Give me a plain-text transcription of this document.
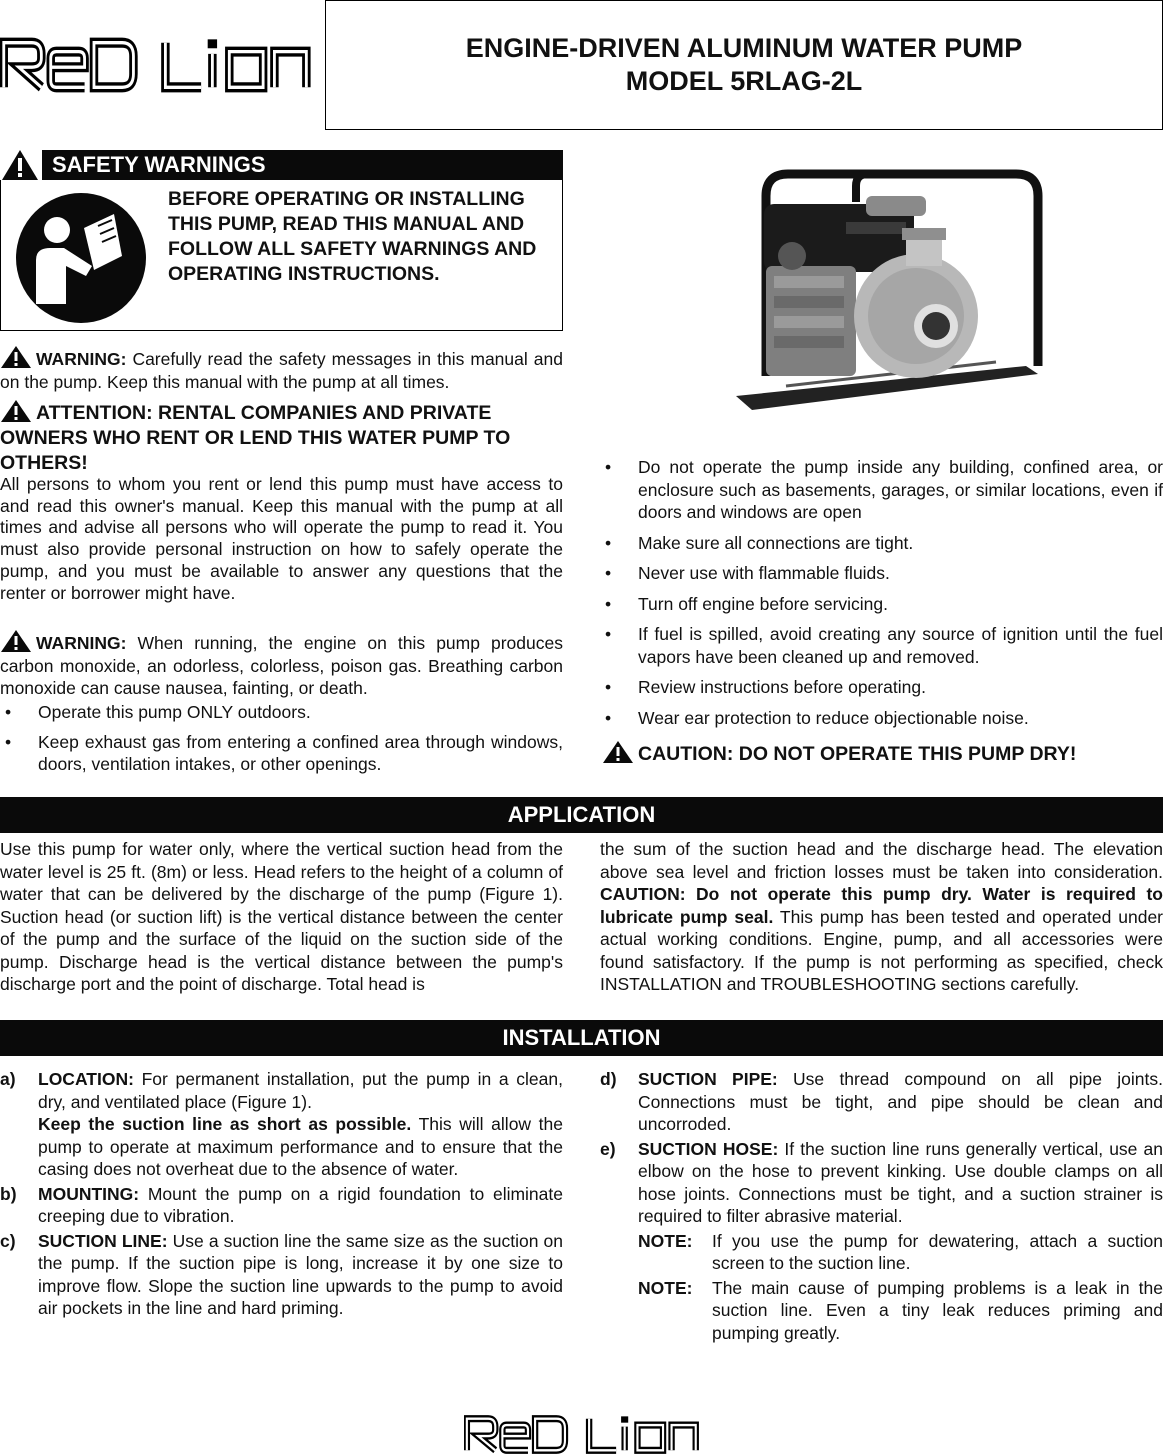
ENGINE-DRIVEN ALUMINUM WATER PUMP
MODEL 5RLAG-2L
SAFETY WARNINGS
BEFORE OPERATING OR INSTALLING THIS PUMP, READ THIS MANUAL AND FOLLOW ALL SAFETY WARNINGS AND OPERATING INSTRUCTIONS.
WARNING: Carefully read the safety messages in this manual and on the pump. Keep this manual with the pump at all times.
ATTENTION: RENTAL COMPANIES AND PRIVATE OWNERS WHO RENT OR LEND THIS WATER PUMP TO OTHERS!
All persons to whom you rent or lend this pump must have access to and read this owner's manual. Keep this manual with the pump at all times and advise all persons who will operate the pump to read it. You must also provide personal instruction on how to safely operate the pump, and you must be available to answer any questions that the renter or borrower might have.
WARNING: When running, the engine on this pump produces carbon monoxide, an odorless, colorless, poison gas. Breathing carbon monoxide can cause nausea, fainting, or death.
• Operate this pump ONLY outdoors.
• Keep exhaust gas from entering a confined area through windows, doors, ventilation intakes, or other openings.
• Do not operate the pump inside any building, confined area, or enclosure such as basements, garages, or similar locations, even if doors and windows are open
• Make sure all connections are tight.
• Never use with flammable fluids.
• Turn off engine before servicing.
• If fuel is spilled, avoid creating any source of ignition until the fuel vapors have been cleaned up and removed.
• Review instructions before operating.
• Wear ear protection to reduce objectionable noise.
CAUTION: DO NOT OPERATE THIS PUMP DRY!
APPLICATION
Use this pump for water only, where the vertical suction head from the water level is 25 ft. (8m) or less. Head refers to the height of a column of water that can be delivered by the discharge of the pump (Figure 1). Suction head (or suction lift) is the vertical distance between the center of the pump and the surface of the liquid on the suction side of the pump. Discharge head is the vertical distance between the pump's discharge port and the point of discharge. Total head is
the sum of the suction head and the discharge head. The elevation above sea level and friction losses must be taken into consideration. CAUTION: Do not operate this pump dry. Water is required to lubricate pump seal. This pump has been tested and operated under actual working conditions. Engine, pump, and all accessories were found satisfactory. If the pump is not performing as specified, check INSTALLATION and TROUBLESHOOTING sections carefully.
INSTALLATION
a) LOCATION: For permanent installation, put the pump in a clean, dry, and ventilated place (Figure 1).
Keep the suction line as short as possible. This will allow the pump to operate at maximum performance and to ensure that the casing does not overheat due to the absence of water.
b) MOUNTING: Mount the pump on a rigid foundation to eliminate creeping due to vibration.
c) SUCTION LINE: Use a suction line the same size as the suction on the pump. If the suction pipe is long, increase it by one size to improve flow. Slope the suction line upwards to the pump to avoid air pockets in the line and hard priming.
d) SUCTION PIPE: Use thread compound on all pipe joints. Connections must be tight, and pipe should be clean and uncorroded.
e) SUCTION HOSE: If the suction line runs generally vertical, use an elbow on the hose to prevent kinking. Use double clamps on all hose joints. Connections must be tight, and a suction strainer is required to filter abrasive material.
NOTE: If you use the pump for dewatering, attach a suction screen to the suction line.
NOTE: The main cause of pumping problems is a leak in the suction line. Even a tiny leak reduces priming and pumping greatly.
